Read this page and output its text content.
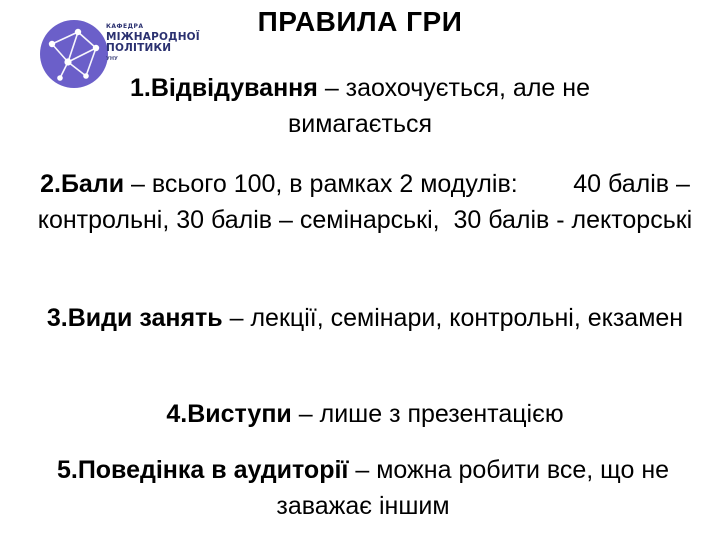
КАФЕДРА
МІЖНАРОДНОЇ
ПОЛІТИКИ
УНУ
ПРАВИЛА ГРИ
1.Відвідування – заохочується, але не вимагається
2.Бали – всього 100, в рамках 2 модулів:        40 балів – контрольні, 30 балів – семінарські,  30 балів - лекторські
3.Види занять – лекції, семінари, контрольні, екзамен
4.Виступи – лише з презентацією
5.Поведінка в аудиторії – можна робити все, що не заважає іншим
